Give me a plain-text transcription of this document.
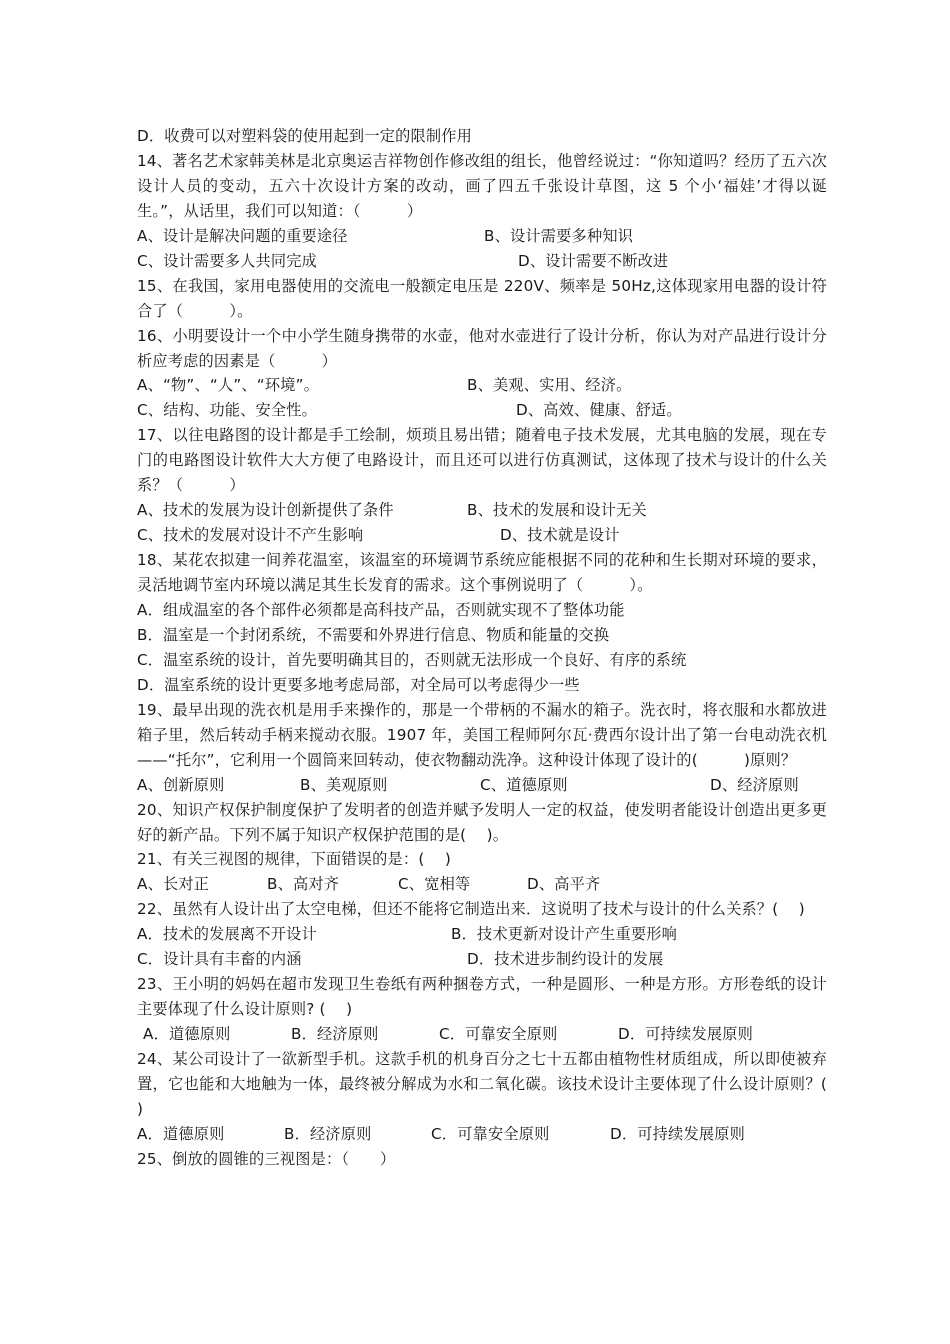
D．收费可以对塑料袋的使用起到一定的限制作用
14、著名艺术家韩美林是北京奥运吉祥物创作修改组的组长，他曾经说过：“你知道吗？经历了五六次设计人员的变动，五六十次设计方案的改动，画了四五千张设计草图，这 5 个小‘福娃’才得以诞生。”，从话里，我们可以知道：（　　　）
A、设计是解决问题的重要途径	B、设计需要多种知识
C、设计需要多人共同完成	D、设计需要不断改进
15、在我国，家用电器使用的交流电一般额定电压是 220V、频率是 50Hz,这体现家用电器的设计符合了（　　　）。
16、小明要设计一个中小学生随身携带的水壶，他对水壶进行了设计分析，你认为对产品进行设计分析应考虑的因素是（　　　）
A、“物”、“人”、“环境”。	B、美观、实用、经济。
C、结构、功能、安全性。	D、高效、健康、舒适。
17、以往电路图的设计都是手工绘制，烦琐且易出错；随着电子技术发展，尤其电脑的发展，现在专门的电路图设计软件大大方便了电路设计，而且还可以进行仿真测试，这体现了技术与设计的什么关系？（　　　）
A、技术的发展为设计创新提供了条件	B、技术的发展和设计无关
C、技术的发展对设计不产生影响	D、技术就是设计
18、某花农拟建一间养花温室，该温室的环境调节系统应能根据不同的花种和生长期对环境的要求，灵活地调节室内环境以满足其生长发育的需求。这个事例说明了（　　　）。
A．组成温室的各个部件必须都是高科技产品，否则就实现不了整体功能
B．温室是一个封闭系统，不需要和外界进行信息、物质和能量的交换
C．温室系统的设计，首先要明确其目的，否则就无法形成一个良好、有序的系统
D．温室系统的设计更要多地考虑局部，对全局可以考虑得少一些
19、最早出现的洗衣机是用手来操作的，那是一个带柄的不漏水的箱子。洗衣时，将衣服和水都放进箱子里，然后转动手柄来搅动衣服。1907 年，美国工程师阿尔瓦·费西尔设计出了第一台电动洗衣机——“托尔”，它利用一个圆筒来回转动，使衣物翻动洗净。这种设计体现了设计的(　　　)原则？
A、创新原则	B、美观原则	C、道德原则	D、经济原则
20、知识产权保护制度保护了发明者的创造并赋予发明人一定的权益，使发明者能设计创造出更多更好的新产品。下列不属于知识产权保护范围的是(　 )。
21、有关三视图的规律，下面错误的是：(　 )
A、长对正	B、高对齐	C、宽相等	D、高平齐
22、虽然有人设计出了太空电梯，但还不能将它制造出来．这说明了技术与设计的什么关系？(　 )
A．技术的发展离不开设计	B．技术更新对设计产生重要形响
C．设计具有丰畜的内涵	D．技术进步制约设计的发展
23、王小明的妈妈在超市发现卫生卷纸有两种捆卷方式，一种是圆形、一种是方形。方形卷纸的设计主要体现了什么设计原则? (　 )
A．道德原则	B．经济原则	C．可靠安全原则	D．可持续发展原则
24、某公司设计了一欲新型手机。这款手机的机身百分之七十五都由植物性材质组成，所以即使被弃置，它也能和大地触为一体，最终被分解成为水和二氧化碳。该技术设计主要体现了什么设计原则？(　 )
A．道德原则	B．经济原则	C．可靠安全原则	D．可持续发展原则
25、倒放的圆锥的三视图是：（　　）
